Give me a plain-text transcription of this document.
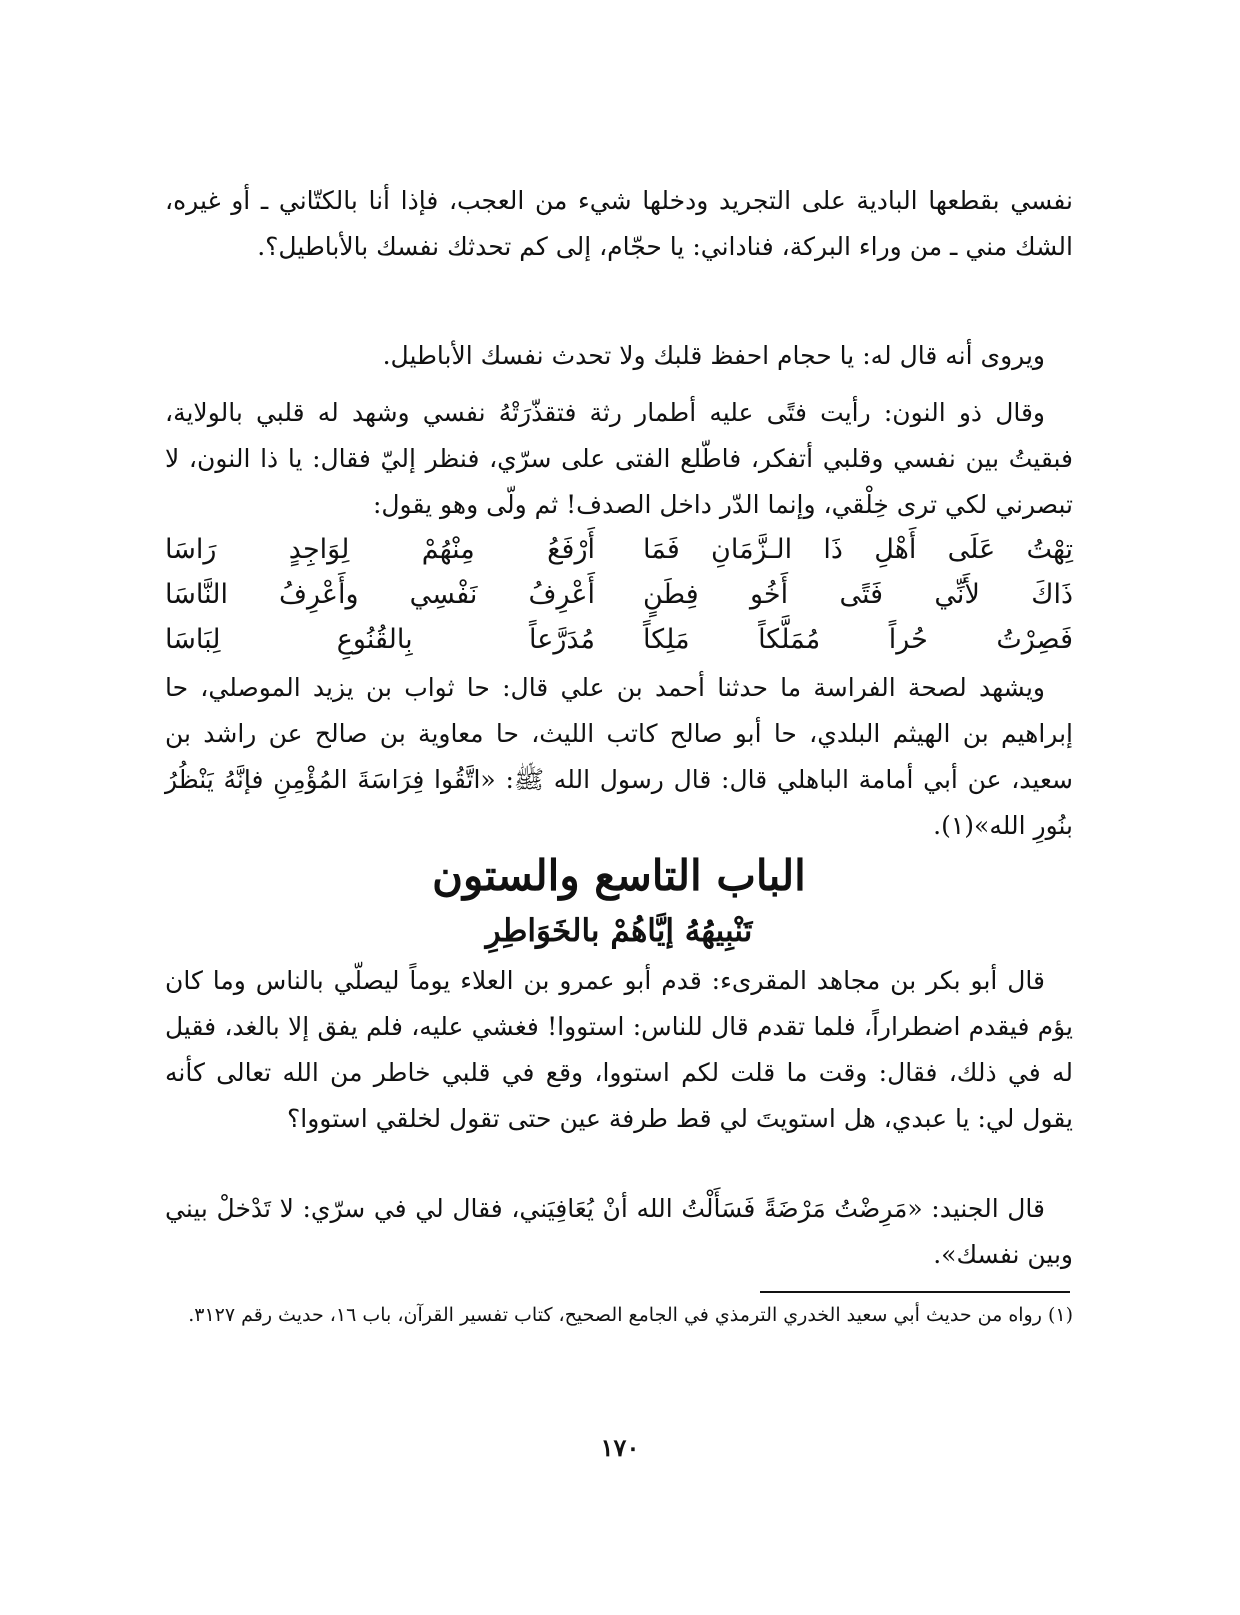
نفسي بقطعها البادية على التجريد ودخلها شيء من العجب، فإذا أنا بالكتّاني ـ أو غيره، الشك مني ـ من وراء البركة، فناداني: يا حجّام، إلى كم تحدثك نفسك بالأباطيل؟.

ويروى أنه قال له: يا حجام احفظ قلبك ولا تحدث نفسك الأباطيل.

وقال ذو النون: رأيت فتًى عليه أطمار رثة فتقذّرَتْهُ نفسي وشهد له قلبي بالولاية، فبقيتُ بين نفسي وقلبي أتفكر، فاطّلع الفتى على سرّي، فنظر إليّ فقال: يا ذا النون، لا تبصرني لكي ترى خِلْقي، وإنما الدّر داخل الصدف! ثم ولّى وهو يقول:

تِهْتُ عَلَى أَهْلِ ذَا الـزَّمَانِ فَمَا
أَرْفَعُ مِنْهُمْ لِوَاجِدٍ رَاسَا
ذَاكَ لأَنِّي فَتًى أَخُو فِطَنٍ
أَعْرِفُ نَفْسِي وأَعْرِفُ النَّاسَا
فَصِرْتُ حُراً مُمَلَّكاً مَلِكاً
مُدَرَّعاً بِالقُنُوعِ لِبَاسَا

ويشهد لصحة الفراسة ما حدثنا أحمد بن علي قال: حا ثواب بن يزيد الموصلي، حا إبراهيم بن الهيثم البلدي، حا أبو صالح كاتب الليث، حا معاوية بن صالح عن راشد بن سعيد، عن أبي أمامة الباهلي قال: قال رسول الله ﷺ: «اتَّقُوا فِرَاسَةَ المُؤْمِنِ فإنَّهُ يَنْظُرُ بنُورِ الله»(١).

الباب التاسع والستون
تَنْبِيهُهُ إيَّاهُمْ بالخَوَاطِرِ

قال أبو بكر بن مجاهد المقرىء: قدم أبو عمرو بن العلاء يوماً ليصلّي بالناس وما كان يؤم فيقدم اضطراراً، فلما تقدم قال للناس: استووا! فغشي عليه، فلم يفق إلا بالغد، فقيل له في ذلك، فقال: وقت ما قلت لكم استووا، وقع في قلبي خاطر من الله تعالى كأنه يقول لي: يا عبدي، هل استويتَ لي قط طرفة عين حتى تقول لخلقي استووا؟

قال الجنيد: «مَرِضْتُ مَرْضَةً فَسَأَلْتُ الله أنْ يُعَافِيَني، فقال لي في سرّي: لا تَدْخلْ بيني وبين نفسك».

(١) رواه من حديث أبي سعيد الخدري الترمذي في الجامع الصحيح، كتاب تفسير القرآن، باب ١٦، حديث رقم ٣١٢٧.
١٧٠
